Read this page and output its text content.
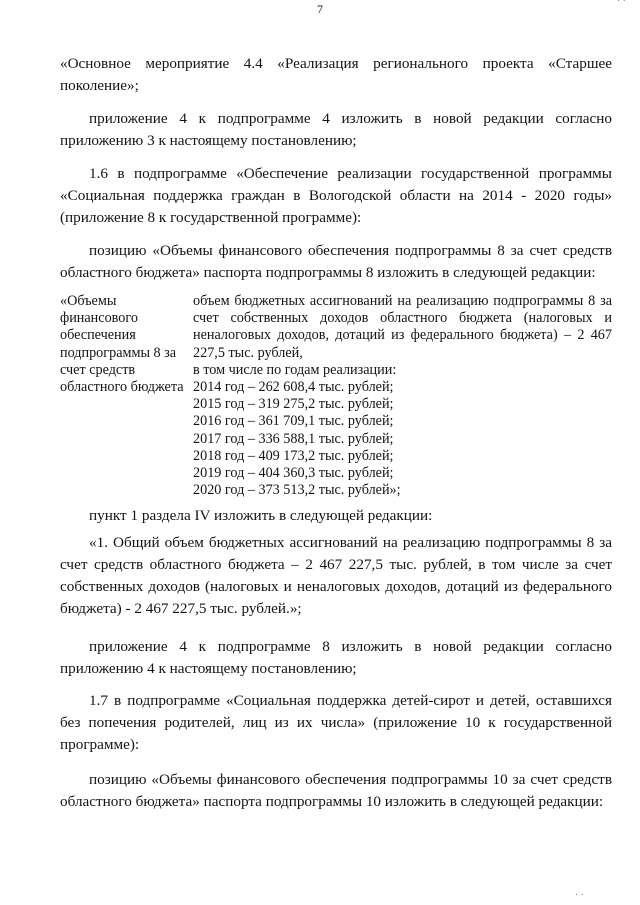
7
«Основное мероприятие 4.4 «Реализация регионального проекта «Старшее поколение»;
приложение 4 к подпрограмме 4 изложить в новой редакции согласно приложению 3 к настоящему постановлению;
1.6 в подпрограмме «Обеспечение реализации государственной программы «Социальная поддержка граждан в Вологодской области на 2014 - 2020 годы» (приложение 8 к государственной программе):
позицию «Объемы финансового обеспечения подпрограммы 8 за счет средств областного бюджета» паспорта подпрограммы 8 изложить в следующей редакции:
«Объемы финансового обеспечения подпрограммы 8 за счет средств областного бюджета
объем бюджетных ассигнований на реализацию подпрограммы 8 за счет собственных доходов областного бюджета (налоговых и неналоговых доходов, дотаций из федерального бюджета) – 2 467 227,5 тыс. рублей,
в том числе по годам реализации:
2014 год – 262 608,4 тыс. рублей;
2015 год – 319 275,2 тыс. рублей;
2016 год – 361 709,1 тыс. рублей;
2017 год – 336 588,1 тыс. рублей;
2018 год – 409 173,2 тыс. рублей;
2019 год – 404 360,3 тыс. рублей;
2020 год – 373 513,2 тыс. рублей»;
пункт 1 раздела IV изложить в следующей редакции:
«1. Общий объем бюджетных ассигнований на реализацию подпрограммы 8 за счет средств областного бюджета – 2 467 227,5 тыс. рублей, в том числе за счет собственных доходов (налоговых и неналоговых доходов, дотаций из федерального бюджета) - 2 467 227,5 тыс. рублей.»;
приложение 4 к подпрограмме 8 изложить в новой редакции согласно приложению 4 к настоящему постановлению;
1.7 в подпрограмме «Социальная поддержка детей-сирот и детей, оставшихся без попечения родителей, лиц из их числа» (приложение 10 к государственной программе):
позицию «Объемы финансового обеспечения подпрограммы 10 за счет средств областного бюджета» паспорта подпрограммы 10 изложить в следующей редакции:
· ·
· ·
